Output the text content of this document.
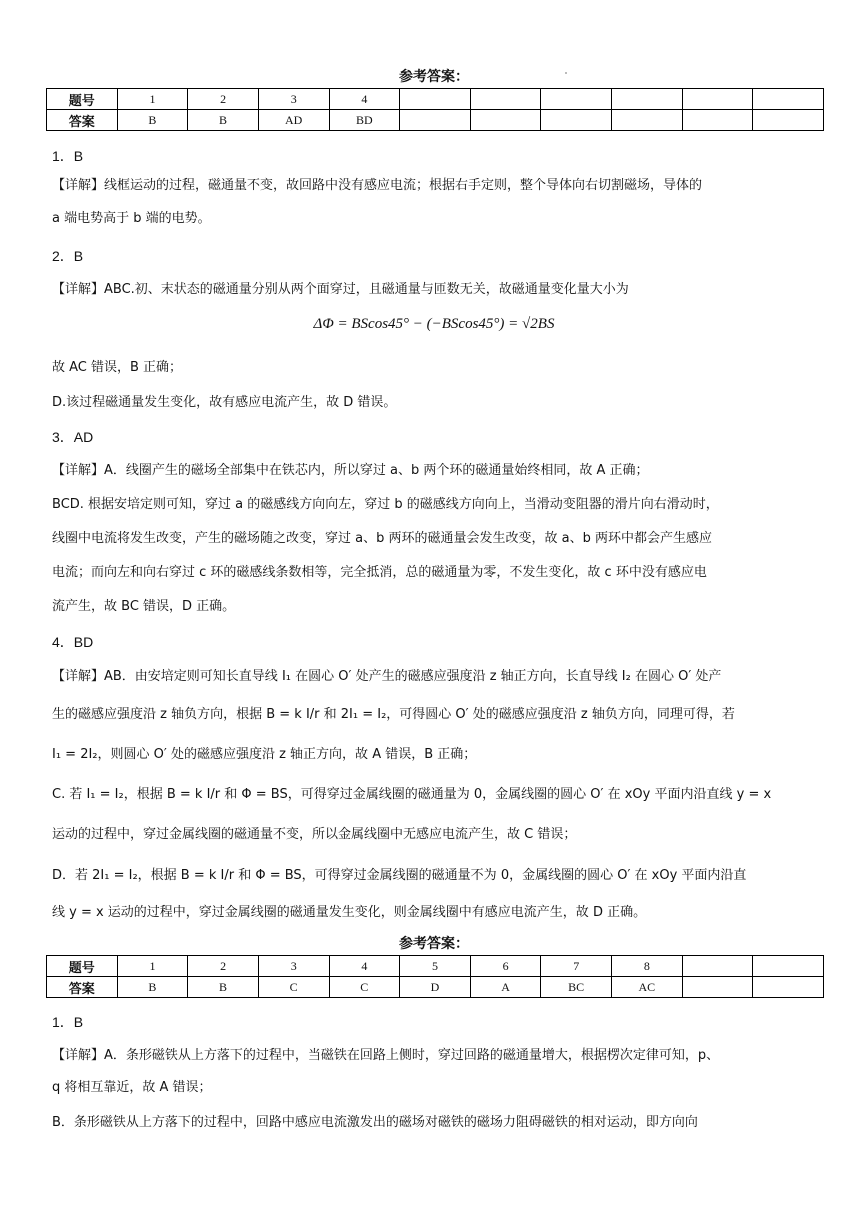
参考答案：
题号	1	2	3	4						
答案	B	B	AD	BD						
1．B
【详解】线框运动的过程，磁通量不变，故回路中没有感应电流；根据右手定则，整个导体向右切割磁场，导体的
a 端电势高于 b 端的电势。
2．B
【详解】ABC.初、末状态的磁通量分别从两个面穿过，且磁通量与匝数无关，故磁通量变化量大小为
ΔΦ = BScos45° − (−BScos45°) = √2BS
故 AC 错误，B 正确；
D.该过程磁通量发生变化，故有感应电流产生，故 D 错误。
3．AD
【详解】A．线圈产生的磁场全部集中在铁芯内，所以穿过 a、b 两个环的磁通量始终相同，故 A 正确；
BCD. 根据安培定则可知，穿过 a 的磁感线方向向左，穿过 b 的磁感线方向向上，当滑动变阻器的滑片向右滑动时，
线圈中电流将发生改变，产生的磁场随之改变，穿过 a、b 两环的磁通量会发生改变，故 a、b 两环中都会产生感应
电流；而向左和向右穿过 c 环的磁感线条数相等，完全抵消，总的磁通量为零，不发生变化，故 c 环中没有感应电
流产生，故 BC 错误，D 正确。
4．BD
【详解】AB．由安培定则可知长直导线 I₁ 在圆心 O′ 处产生的磁感应强度沿 z 轴正方向，长直导线 I₂ 在圆心 O′ 处产
生的磁感应强度沿 z 轴负方向，根据 B = k I/r 和 2I₁ = I₂，可得圆心 O′ 处的磁感应强度沿 z 轴负方向，同理可得，若
I₁ = 2I₂，则圆心 O′ 处的磁感应强度沿 z 轴正方向，故 A 错误，B 正确；
C. 若 I₁ = I₂，根据 B = k I/r 和 Φ = BS，可得穿过金属线圈的磁通量为 0，金属线圈的圆心 O′ 在 xOy 平面内沿直线 y = x
运动的过程中，穿过金属线圈的磁通量不变，所以金属线圈中无感应电流产生，故 C 错误；
D．若 2I₁ = I₂，根据 B = k I/r 和 Φ = BS，可得穿过金属线圈的磁通量不为 0，金属线圈的圆心 O′ 在 xOy 平面内沿直
线 y = x 运动的过程中，穿过金属线圈的磁通量发生变化，则金属线圈中有感应电流产生，故 D 正确。
参考答案：
题号	1	2	3	4	5	6	7	8		
答案	B	B	C	C	D	A	BC	AC		
1．B
【详解】A．条形磁铁从上方落下的过程中，当磁铁在回路上侧时，穿过回路的磁通量增大，根据楞次定律可知，p、
q 将相互靠近，故 A 错误；
B．条形磁铁从上方落下的过程中，回路中感应电流激发出的磁场对磁铁的磁场力阻碍磁铁的相对运动，即方向向
